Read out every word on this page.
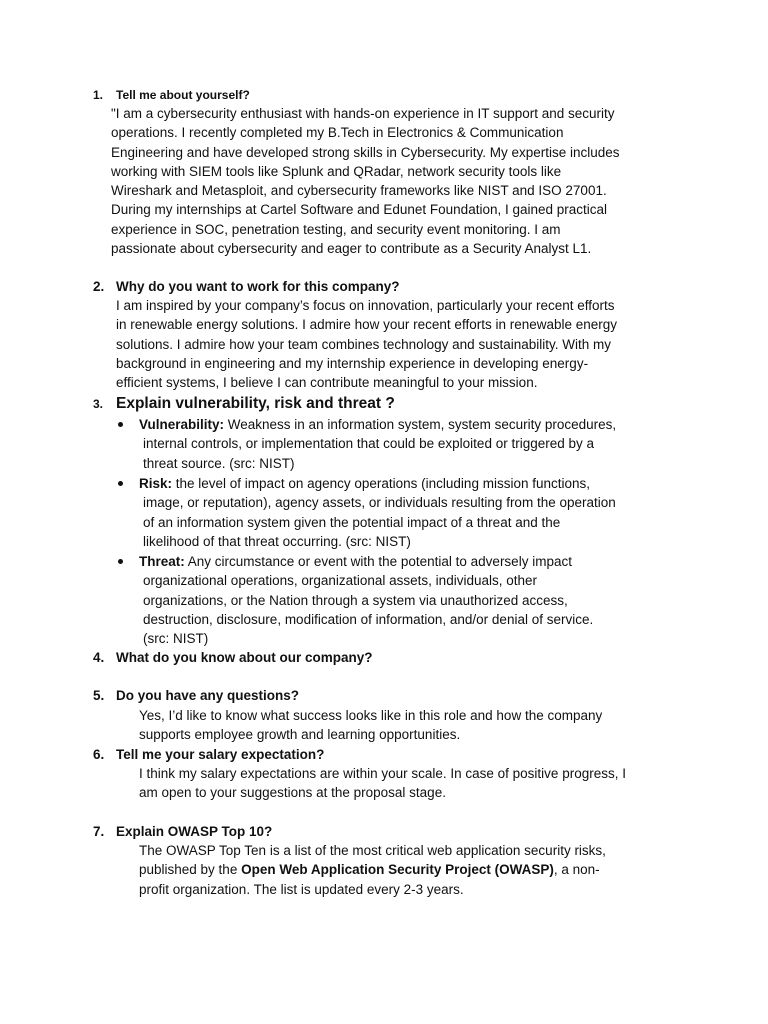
1. Tell me about yourself?
"I am a cybersecurity enthusiast with hands-on experience in IT support and security
operations. I recently completed my B.Tech in Electronics & Communication
Engineering and have developed strong skills in Cybersecurity. My expertise includes
working with SIEM tools like Splunk and QRadar, network security tools like
Wireshark and Metasploit, and cybersecurity frameworks like NIST and ISO 27001.
During my internships at Cartel Software and Edunet Foundation, I gained practical
experience in SOC, penetration testing, and security event monitoring. I am
passionate about cybersecurity and eager to contribute as a Security Analyst L1.
2. Why do you want to work for this company?
I am inspired by your company’s focus on innovation, particularly your recent efforts
in renewable energy solutions. I admire how your recent efforts in renewable energy
solutions. I admire how your team combines technology and sustainability. With my
background in engineering and my internship experience in developing energy-
efficient systems, I believe I can contribute meaningful to your mission.
3. Explain vulnerability, risk and threat ?
Vulnerability: Weakness in an information system, system security procedures,
internal controls, or implementation that could be exploited or triggered by a
threat source. (src: NIST)
Risk: the level of impact on agency operations (including mission functions,
image, or reputation), agency assets, or individuals resulting from the operation
of an information system given the potential impact of a threat and the
likelihood of that threat occurring. (src: NIST)
Threat: Any circumstance or event with the potential to adversely impact
organizational operations, organizational assets, individuals, other
organizations, or the Nation through a system via unauthorized access,
destruction, disclosure, modification of information, and/or denial of service.
(src: NIST)
4. What do you know about our company?
5. Do you have any questions?
Yes, I’d like to know what success looks like in this role and how the company
supports employee growth and learning opportunities.
6. Tell me your salary expectation?
I think my salary expectations are within your scale. In case of positive progress, I
am open to your suggestions at the proposal stage.
7. Explain OWASP Top 10?
The OWASP Top Ten is a list of the most critical web application security risks,
published by the Open Web Application Security Project (OWASP), a non-
profit organization. The list is updated every 2-3 years.
